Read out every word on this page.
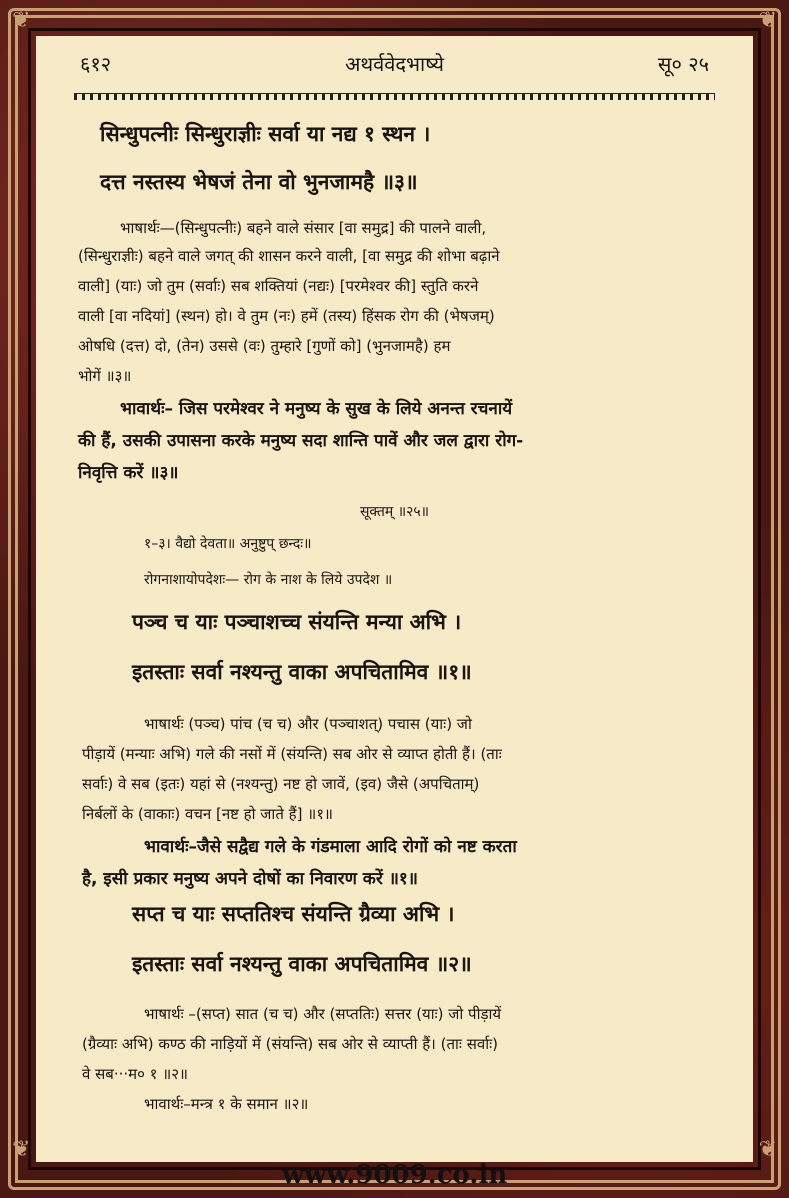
❦	❦
❦	❦
अथर्ववेदभाष्ये
६१२	सू० २५
सिन्धुपत्नीः सिन्धुराज्ञीः सर्वा या नद्य १ स्थन ।
दत्त नस्तस्य भेषजं तेना वो भुनजामहै ॥३॥
भाषार्थः—(सिन्धुपत्नीः) बहने वाले संसार [वा समुद्र] की पालने वाली,
(सिन्धुराज्ञीः) बहने वाले जगत् की शासन करने वाली, [वा समुद्र की शोभा बढ़ाने
वाली] (याः) जो तुम (सर्वाः) सब शक्तियां (नद्यः) [परमेश्वर की] स्तुति करने
वाली [वा नदियां] (स्थन) हो। वे तुम (नः) हमें (तस्य) हिंसक रोग की (भेषजम्)
ओषधि (दत्त) दो, (तेन) उससे (वः) तुम्हारे [गुणों को] (भुनजामहै) हम
भोगें ॥३॥
भावार्थः– जिस परमेश्वर ने मनुष्य के सुख के लिये अनन्त रचनायें
की हैं, उसकी उपासना करके मनुष्य सदा शान्ति पावें और जल द्वारा रोग-
निवृत्ति करें ॥३॥
सूक्तम् ॥२५॥
१–३। वैद्यो देवता॥ अनुष्टुप् छन्दः॥
रोगनाशायोपदेशः— रोग के नाश के लिये उपदेश ॥
पञ्च च याः पञ्चाशच्च संयन्ति मन्या अभि ।
इतस्ताः सर्वा नश्यन्तु वाका अपचितामिव ॥१॥
भाषार्थः (पञ्च) पांच (च च) और (पञ्चाशत्) पचास (याः) जो
पीड़ायें (मन्याः अभि) गले की नसों में (संयन्ति) सब ओर से व्याप्त होती हैं। (ताः
सर्वाः) वे सब (इतः) यहां से (नश्यन्तु) नष्ट हो जावें, (इव) जैसे (अपचिताम्)
निर्बलों के (वाकाः) वचन [नष्ट हो जाते हैं] ॥१॥
भावार्थः–जैसे सद्वैद्य गले के गंडमाला आदि रोगों को नष्ट करता
है, इसी प्रकार मनुष्य अपने दोषों का निवारण करें ॥१॥
सप्त च याः सप्ततिश्च संयन्ति ग्रैव्या अभि ।
इतस्ताः सर्वा नश्यन्तु वाका अपचितामिव ॥२॥
भाषार्थः –(सप्त) सात (च च) और (सप्ततिः) सत्तर (याः) जो पीड़ायें
(ग्रैव्याः अभि) कण्ठ की नाड़ियों में (संयन्ति) सब ओर से व्याप्ती हैं। (ताः सर्वाः)
वे सब···म० १ ॥२॥
भावार्थः–मन्त्र १ के समान ॥२॥
www.9009.co.in
